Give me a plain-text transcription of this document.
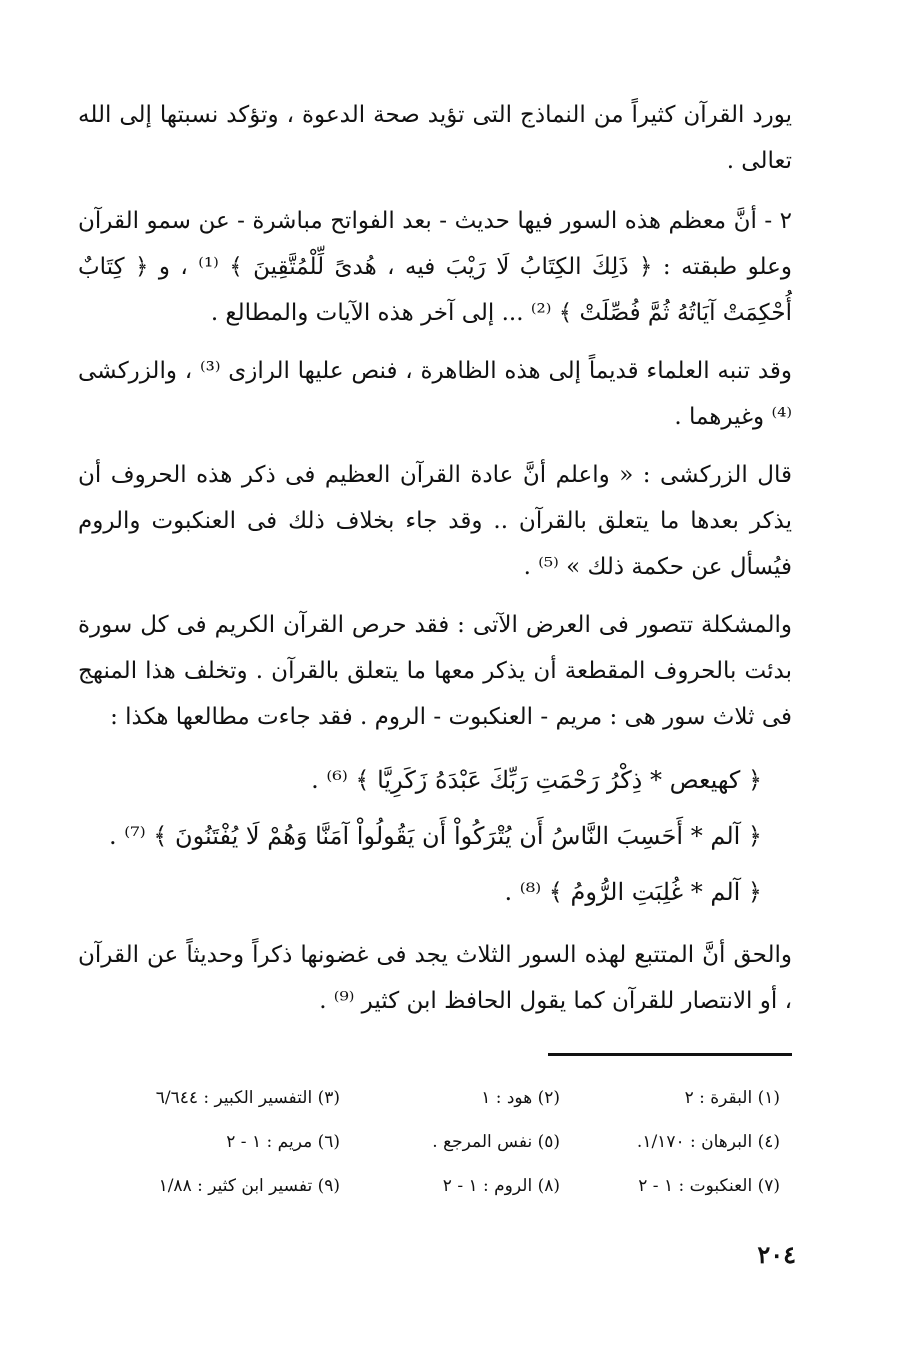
يورد القرآن كثيراً من النماذج التى تؤيد صحة الدعوة ، وتؤكد نسبتها إلى الله تعالى .

٢ - أنَّ معظم هذه السور فيها حديث - بعد الفواتح مباشرة - عن سمو القرآن وعلو طبقته : ﴿ ذَلِكَ الكِتَابُ لَا رَيْبَ فيه ، هُدىً لِّلْمُتَّقِينَ ﴾ ⁽¹⁾ ، و ﴿ كِتَابٌ أُحْكِمَتْ آيَاتُهُ ثُمَّ فُصِّلَتْ ﴾ ⁽²⁾ ... إلى آخر هذه الآيات والمطالع .

وقد تنبه العلماء قديماً إلى هذه الظاهرة ، فنص عليها الرازى ⁽³⁾ ، والزركشى ⁽⁴⁾ وغيرهما .

قال الزركشى : « واعلم أنَّ عادة القرآن العظيم فى ذكر هذه الحروف أن يذكر بعدها ما يتعلق بالقرآن .. وقد جاء بخلاف ذلك فى العنكبوت والروم فيُسأل عن حكمة ذلك » ⁽⁵⁾ .

والمشكلة تتصور فى العرض الآتى : فقد حرص القرآن الكريم فى كل سورة بدئت بالحروف المقطعة أن يذكر معها ما يتعلق بالقرآن . وتخلف هذا المنهج فى ثلاث سور هى : مريم - العنكبوت - الروم . فقد جاءت مطالعها هكذا :

﴿ كهيعص * ذِكْرُ رَحْمَتِ رَبِّكَ عَبْدَهُ زَكَرِيَّا ﴾ ⁽⁶⁾ .

﴿ آلم * أَحَسِبَ النَّاسُ أَن يُتْرَكُواْ أَن يَقُولُواْ آمَنَّا وَهُمْ لَا يُفْتَنُونَ ﴾ ⁽⁷⁾ .

﴿ آلم * غُلِبَتِ الرُّومُ ﴾ ⁽⁸⁾ .

والحق أنَّ المتتبع لهذه السور الثلاث يجد فى غضونها ذكراً وحديثاً عن القرآن ، أو الانتصار للقرآن كما يقول الحافظ ابن كثير ⁽⁹⁾ .

(١) البقرة : ٢
(٢) هود : ١
(٣) التفسير الكبير : ٦/٦٤٤
(٤) البرهان : ١/١٧٠.
(٥) نفس المرجع .
(٦) مريم : ١ - ٢
(٧) العنكبوت : ١ - ٢
(٨) الروم : ١ - ٢
(٩) تفسير ابن كثير : ١/٨٨
٢٠٤
